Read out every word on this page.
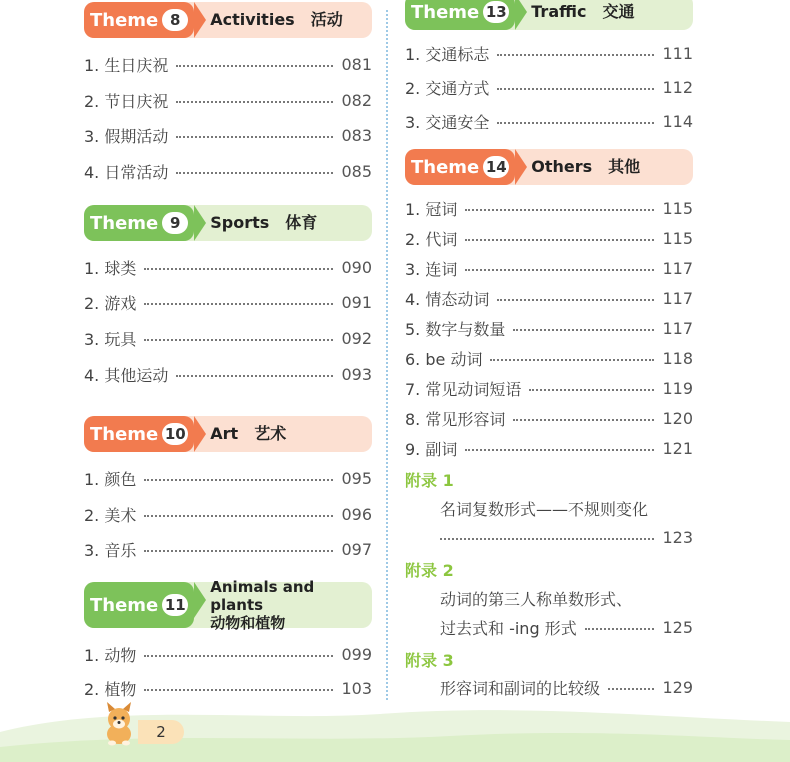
Theme 8	Activities 活动
1. 生日庆祝	081
2. 节日庆祝	082
3. 假期活动	083
4. 日常活动	085
Theme 9	Sports 体育
1. 球类	090
2. 游戏	091
3. 玩具	092
4. 其他运动	093
Theme 10 Art 艺术
1. 颜色	095
2. 美术	096
3. 音乐	097
Theme 11
Animals and plants
动物和植物
1. 动物	099
2. 植物	103
Theme 13 Traffic 交通
1. 交通标志	111
2. 交通方式	112
3. 交通安全	114
Theme 14 Others 其他
1. 冠词	115
2. 代词	115
3. 连词	117
4. 情态动词	117
5. 数字与数量	117
6. be 动词	118
7. 常见动词短语	119
8. 常见形容词	120
9. 副词	121
附录 1
名词复数形式——不规则变化
123
附录 2
动词的第三人称单数形式、
过去式和 -ing 形式	125
附录 3
形容词和副词的比较级	129
2
